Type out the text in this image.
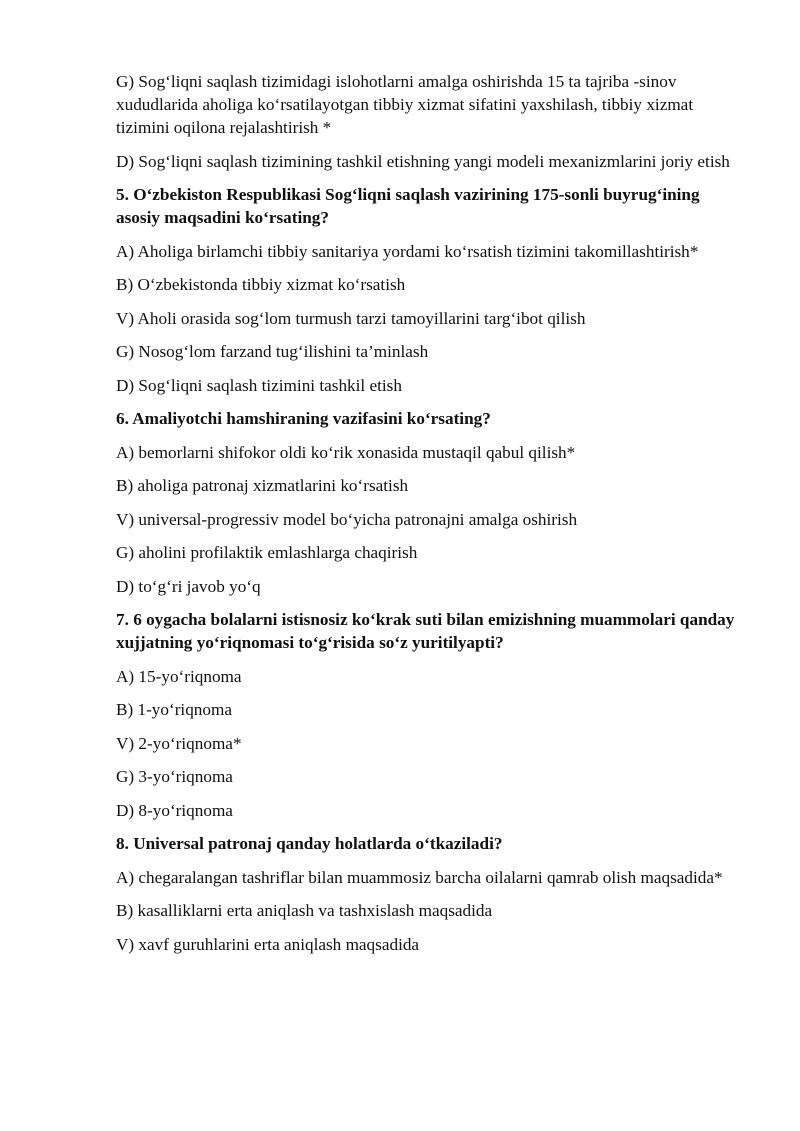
G) Sog‘liqni saqlash tizimidagi islohotlarni amalga oshirishda 15 ta tajriba -sinov xududlarida aholiga ko‘rsatilayotgan tibbiy xizmat sifatini yaxshilash, tibbiy xizmat tizimini oqilona rejalashtirish *

D) Sog‘liqni saqlash tizimining tashkil etishning yangi modeli mexanizmlarini joriy etish

5. O‘zbekiston Respublikasi Sog‘liqni saqlash vazirining 175-sonli buyrug‘ining asosiy maqsadini ko‘rsating?

A) Aholiga birlamchi tibbiy sanitariya yordami ko‘rsatish tizimini takomillashtirish*

B) O‘zbekistonda tibbiy xizmat ko‘rsatish

V) Aholi orasida sog‘lom turmush tarzi tamoyillarini targ‘ibot qilish

G) Nosog‘lom farzand tug‘ilishini ta’minlash

D) Sog‘liqni saqlash tizimini tashkil etish

6. Amaliyotchi hamshiraning vazifasini ko‘rsating?

A) bemorlarni shifokor oldi ko‘rik xonasida mustaqil qabul qilish*

B) aholiga patronaj xizmatlarini ko‘rsatish

V) universal-progressiv model bo‘yicha patronajni amalga oshirish

G) aholini profilaktik emlashlarga chaqirish

D) to‘g‘ri javob yo‘q

7. 6 oygacha bolalarni istisnosiz ko‘krak suti bilan emizishning muammolari qanday xujjatning yo‘riqnomasi to‘g‘risida so‘z yuritilyapti?

A) 15-yo‘riqnoma

B) 1-yo‘riqnoma

V) 2-yo‘riqnoma*

G) 3-yo‘riqnoma

D) 8-yo‘riqnoma

8. Universal patronaj qanday holatlarda o‘tkaziladi?

A) chegaralangan tashriflar bilan muammosiz barcha oilalarni qamrab olish maqsadida*

B) kasalliklarni erta aniqlash va tashxislash maqsadida

V) xavf guruhlarini erta aniqlash maqsadida
